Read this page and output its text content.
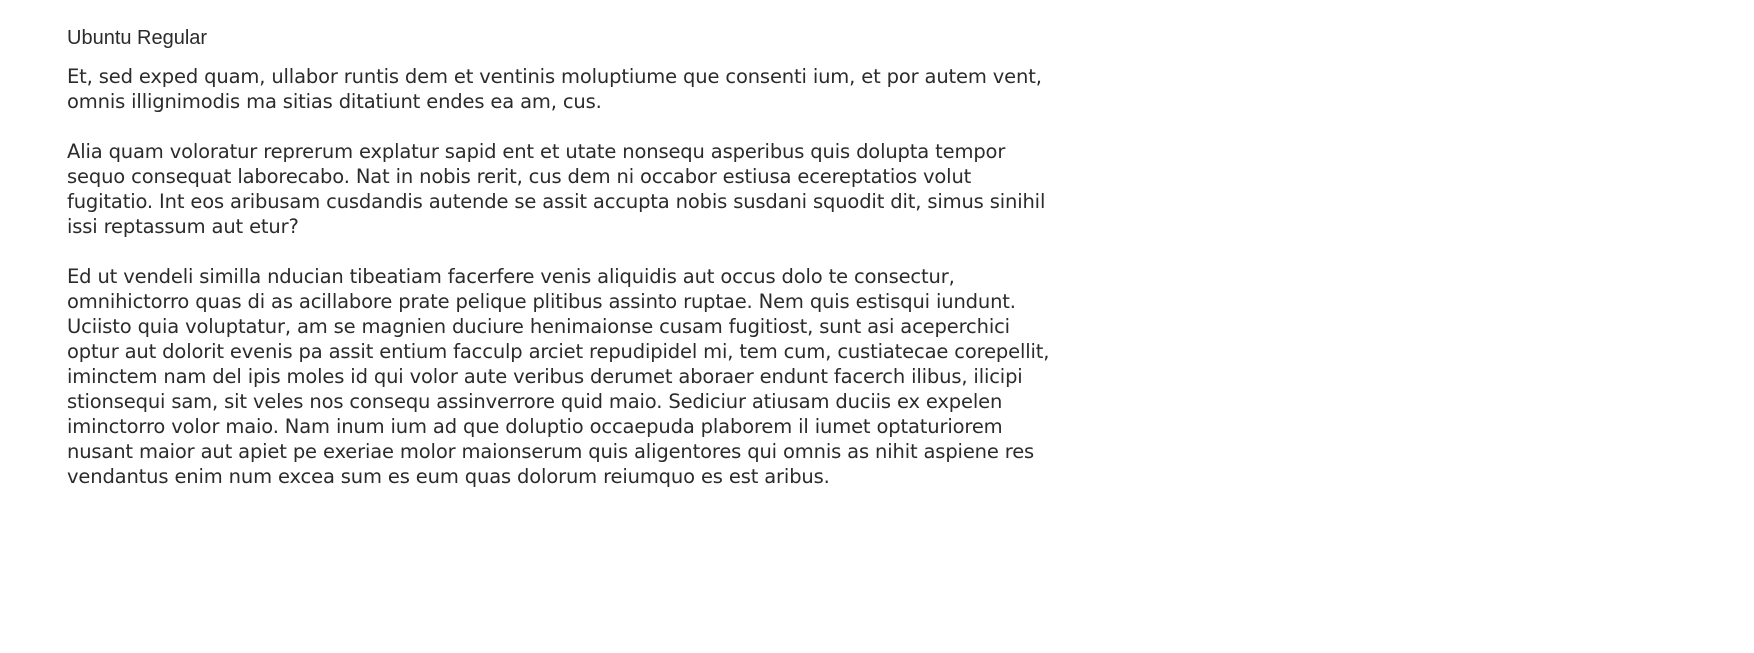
Ubuntu Regular
Et, sed exped quam, ullabor runtis dem et ventinis moluptiume que consenti ium, et por autem vent,
omnis illignimodis ma sitias ditatiunt endes ea am, cus.
Alia quam voloratur reprerum explatur sapid ent et utate nonsequ asperibus quis dolupta tempor
sequo consequat laborecabo. Nat in nobis rerit, cus dem ni occabor estiusa ecereptatios volut
fugitatio. Int eos aribusam cusdandis autende se assit accupta nobis susdani squodit dit, simus sinihil
issi reptassum aut etur?
Ed ut vendeli similla nducian tibeatiam facerfere venis aliquidis aut occus dolo te consectur,
omnihictorro quas di as acillabore prate pelique plitibus assinto ruptae. Nem quis estisqui iundunt.
Uciisto quia voluptatur, am se magnien duciure henimaionse cusam fugitiost, sunt asi aceperchici
optur aut dolorit evenis pa assit entium facculp arciet repudipidel mi, tem cum, custiatecae corepellit,
iminctem nam del ipis moles id qui volor aute veribus derumet aboraer endunt facerch ilibus, ilicipi
stionsequi sam, sit veles nos consequ assinverrore quid maio. Sediciur atiusam duciis ex expelen
iminctorro volor maio. Nam inum ium ad que doluptio occaepuda plaborem il iumet optaturiorem
nusant maior aut apiet pe exeriae molor maionserum quis aligentores qui omnis as nihit aspiene res
vendantus enim num excea sum es eum quas dolorum reiumquo es est aribus.
